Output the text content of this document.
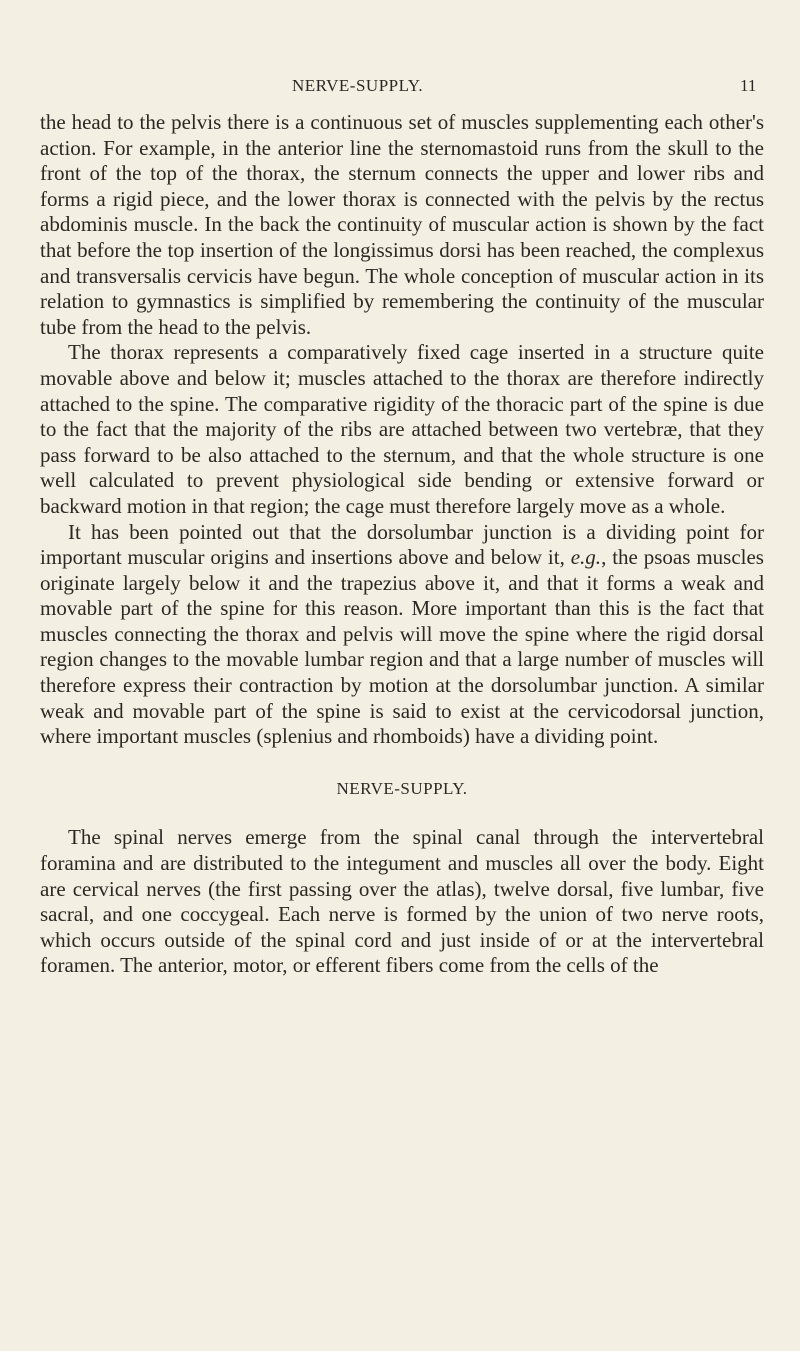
NERVE-SUPPLY.	11

the head to the pelvis there is a continuous set of muscles supplementing each other's action. For example, in the anterior line the sternomastoid runs from the skull to the front of the top of the thorax, the sternum connects the upper and lower ribs and forms a rigid piece, and the lower thorax is connected with the pelvis by the rectus abdominis muscle. In the back the continuity of muscular action is shown by the fact that before the top insertion of the longissimus dorsi has been reached, the complexus and transversalis cervicis have begun. The whole conception of muscular action in its relation to gymnastics is simplified by remembering the continuity of the muscular tube from the head to the pelvis.

The thorax represents a comparatively fixed cage inserted in a structure quite movable above and below it; muscles attached to the thorax are therefore indirectly attached to the spine. The comparative rigidity of the thoracic part of the spine is due to the fact that the majority of the ribs are attached between two vertebræ, that they pass forward to be also attached to the sternum, and that the whole structure is one well calculated to prevent physiological side bending or extensive forward or backward motion in that region; the cage must therefore largely move as a whole.

It has been pointed out that the dorsolumbar junction is a dividing point for important muscular origins and insertions above and below it, e.g., the psoas muscles originate largely below it and the trapezius above it, and that it forms a weak and movable part of the spine for this reason. More important than this is the fact that muscles connecting the thorax and pelvis will move the spine where the rigid dorsal region changes to the movable lumbar region and that a large number of muscles will therefore express their contraction by motion at the dorsolumbar junction. A similar weak and movable part of the spine is said to exist at the cervicodorsal junction, where important muscles (splenius and rhomboids) have a dividing point.

NERVE-SUPPLY.

The spinal nerves emerge from the spinal canal through the intervertebral foramina and are distributed to the integument and muscles all over the body. Eight are cervical nerves (the first passing over the atlas), twelve dorsal, five lumbar, five sacral, and one coccygeal. Each nerve is formed by the union of two nerve roots, which occurs outside of the spinal cord and just inside of or at the intervertebral foramen. The anterior, motor, or efferent fibers come from the cells of the
